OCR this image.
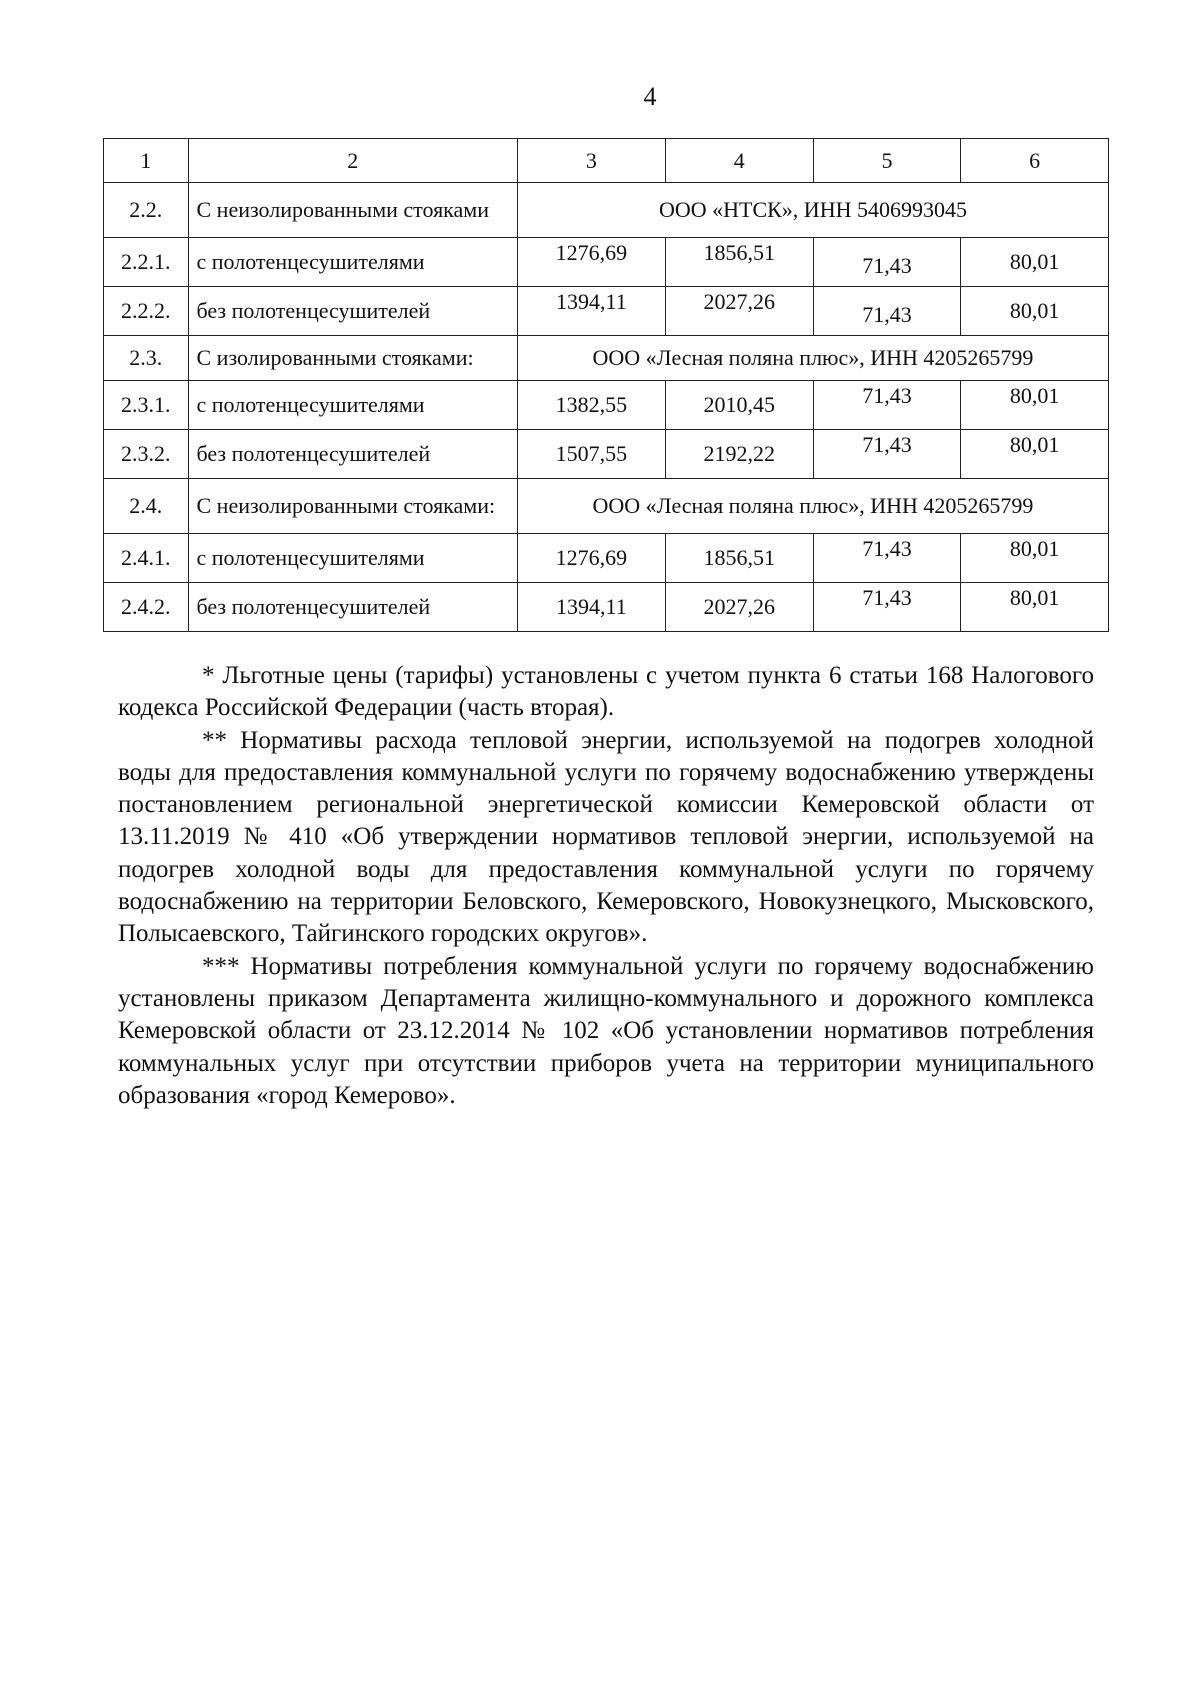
4
1	2	3	4	5	6
2.2.	С неизолированными стояками	ООО «НТСК», ИНН 5406993045			
2.2.1.	с полотенцесушителями	1276,69	1856,51	71,43	80,01

2.2.2.	без полотенцесушителей	1394,11	2027,26	71,43	80,01

2.3.	С изолированными стояками:	ООО «Лесная поляна плюс», ИНН 4205265799			
2.3.1.	с полотенцесушителями	1382,55	2010,45	71,43	80,01

2.3.2.	без полотенцесушителей	1507,55	2192,22	71,43	80,01

2.4.	С неизолированными стояками:	ООО «Лесная поляна плюс», ИНН 4205265799			
2.4.1.	с полотенцесушителями	1276,69	1856,51	71,43	80,01

2.4.2.	без полотенцесушителей	1394,11	2027,26	71,43	80,01

* Льготные цены (тарифы) установлены с учетом пункта 6 статьи 168 Налогового кодекса Российской Федерации (часть вторая).

** Нормативы расхода тепловой энергии, используемой на подогрев холодной воды для предоставления коммунальной услуги по горячему водоснабжению утверждены постановлением региональной энергетической комиссии Кемеровской области от 13.11.2019 № 410 «Об утверждении нормативов тепловой энергии, используемой на подогрев холодной воды для предоставления коммунальной услуги по горячему водоснабжению на территории Беловского, Кемеровского, Новокузнецкого, Мысковского, Полысаевского, Тайгинского городских округов».

*** Нормативы потребления коммунальной услуги по горячему водоснабжению установлены приказом Департамента жилищно-коммунального и дорожного комплекса Кемеровской области от 23.12.2014 № 102 «Об установлении нормативов потребления коммунальных услуг при отсутствии приборов учета на территории муниципального образования «город Кемерово».
